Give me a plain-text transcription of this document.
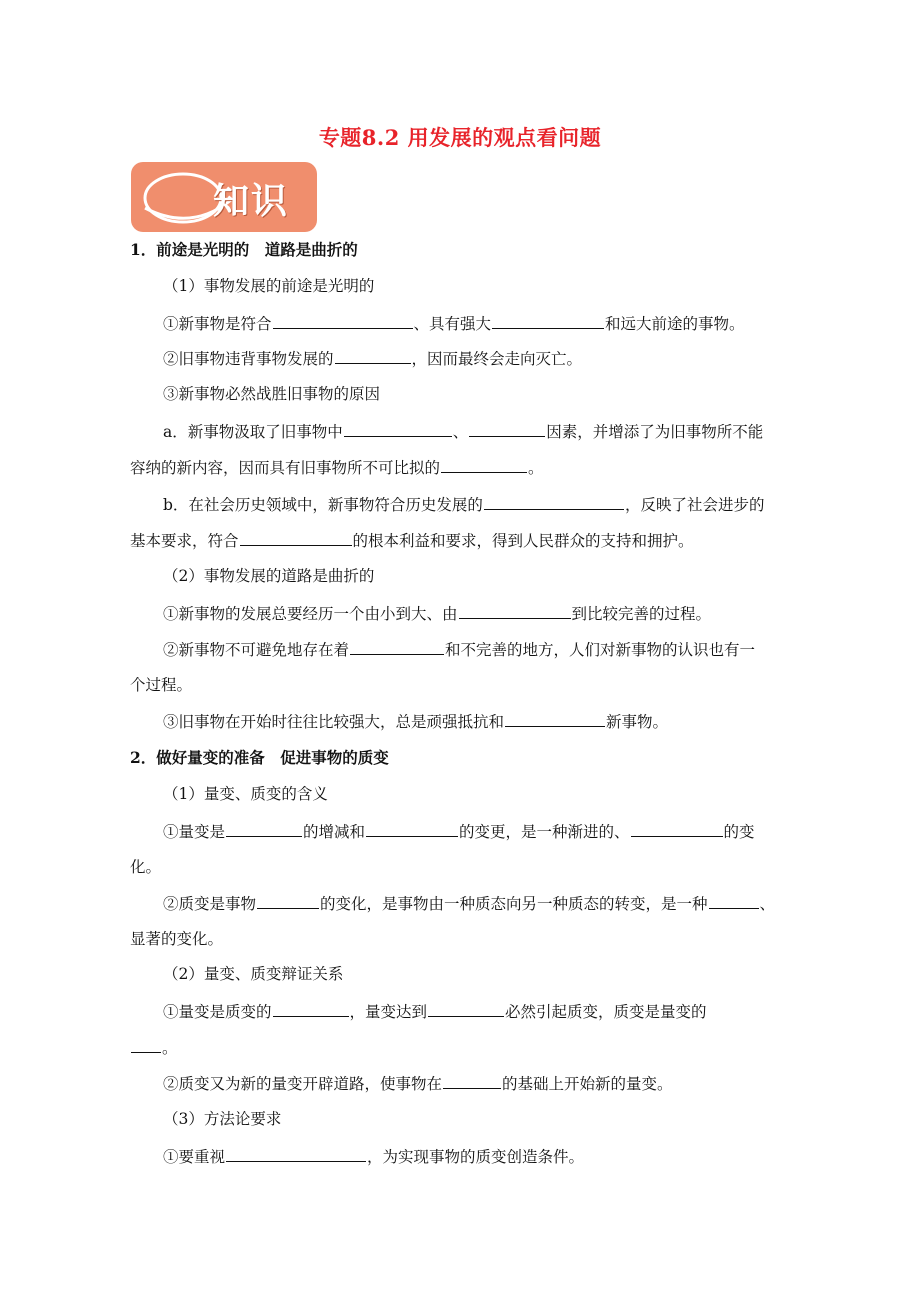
专题8.2 用发展的观点看问题
知识
1．前途是光明的　道路是曲折的
（1）事物发展的前途是光明的
①新事物是符合	、具有强大	和远大前途的事物。
②旧事物违背事物发展的	，因而最终会走向灭亡。
③新事物必然战胜旧事物的原因
a．新事物汲取了旧事物中	、	因素，并增添了为旧事物所不能
容纳的新内容，因而具有旧事物所不可比拟的	。
b．在社会历史领域中，新事物符合历史发展的	，反映了社会进步的
基本要求，符合	的根本利益和要求，得到人民群众的支持和拥护。
（2）事物发展的道路是曲折的
①新事物的发展总要经历一个由小到大、由	到比较完善的过程。
②新事物不可避免地存在着	和不完善的地方，人们对新事物的认识也有一
个过程。
③旧事物在开始时往往比较强大，总是顽强抵抗和	新事物。
2．做好量变的准备　促进事物的质变
（1）量变、质变的含义
①量变是	的增减和	的变更，是一种渐进的、	的变
化。
②质变是事物	的变化，是事物由一种质态向另一种质态的转变，是一种	、
显著的变化。
（2）量变、质变辩证关系
①量变是质变的	，量变达到	必然引起质变，质变是量变的
。
②质变又为新的量变开辟道路，使事物在	的基础上开始新的量变。
（3）方法论要求
①要重视	，为实现事物的质变创造条件。
